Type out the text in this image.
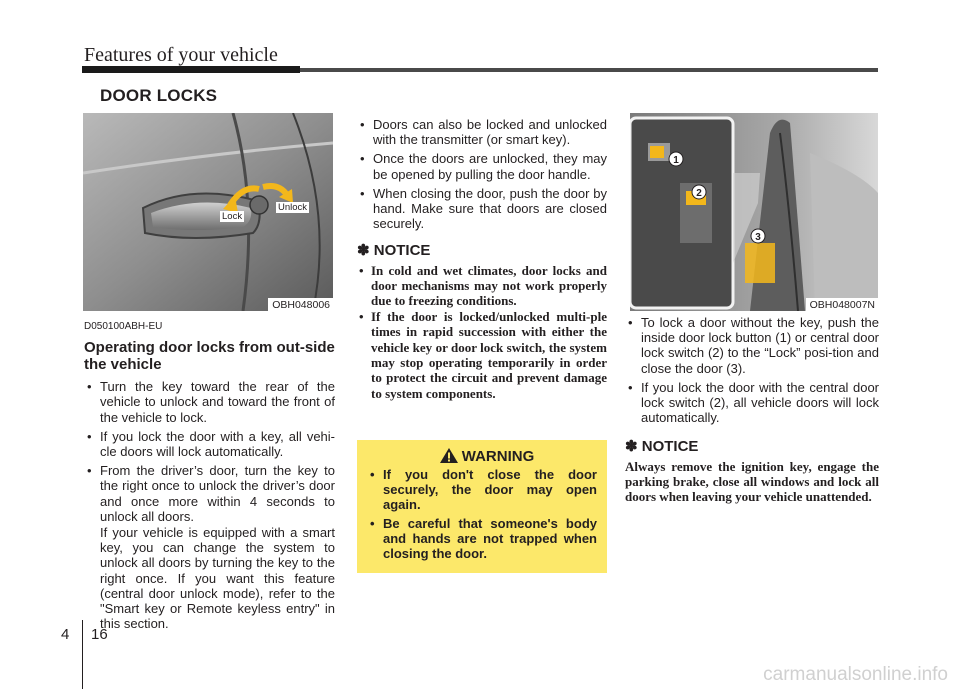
Features of your vehicle
DOOR LOCKS
Lock
Unlock
OBH048006
D050100ABH-EU
Operating door locks from out-side the vehicle
• Turn the key toward the rear of the vehicle to unlock and toward the front of the vehicle to lock.
• If you lock the door with a key, all vehi-cle doors will lock automatically.
• From the driver’s door, turn the key to the right once to unlock the driver’s door and once more within 4 seconds to unlock all doors.
If your vehicle is equipped with a smart key, you can change the system to unlock all doors by turning the key to the right once. If you want this feature (central door unlock mode), refer to the "Smart key or Remote keyless entry" in this section.
• Doors can also be locked and unlocked with the transmitter (or smart key).
• Once the doors are unlocked, they may be opened by pulling the door handle.
• When closing the door, push the door by hand. Make sure that doors are closed securely.
✽ NOTICE
• In cold and wet climates, door locks and door mechanisms may not work properly due to freezing conditions.
• If the door is locked/unlocked multi-ple times in rapid succession with either the vehicle key or door lock switch, the system may stop operating temporarily in order to protect the circuit and prevent damage to system components.
WARNING
• If you don't close the door securely, the door may open again.
• Be careful that someone's body and hands are not trapped when closing the door.
1
2
3
OBH048007N
• To lock a door without the key, push the inside door lock button (1) or central door lock switch (2) to the “Lock” posi-tion and close the door (3).
• If you lock the door with the central door lock switch (2), all vehicle doors will lock automatically.
✽ NOTICE
Always remove the ignition key, engage the parking brake, close all windows and lock all doors when leaving your vehicle unattended.
4 16
carmanualsonline.info
